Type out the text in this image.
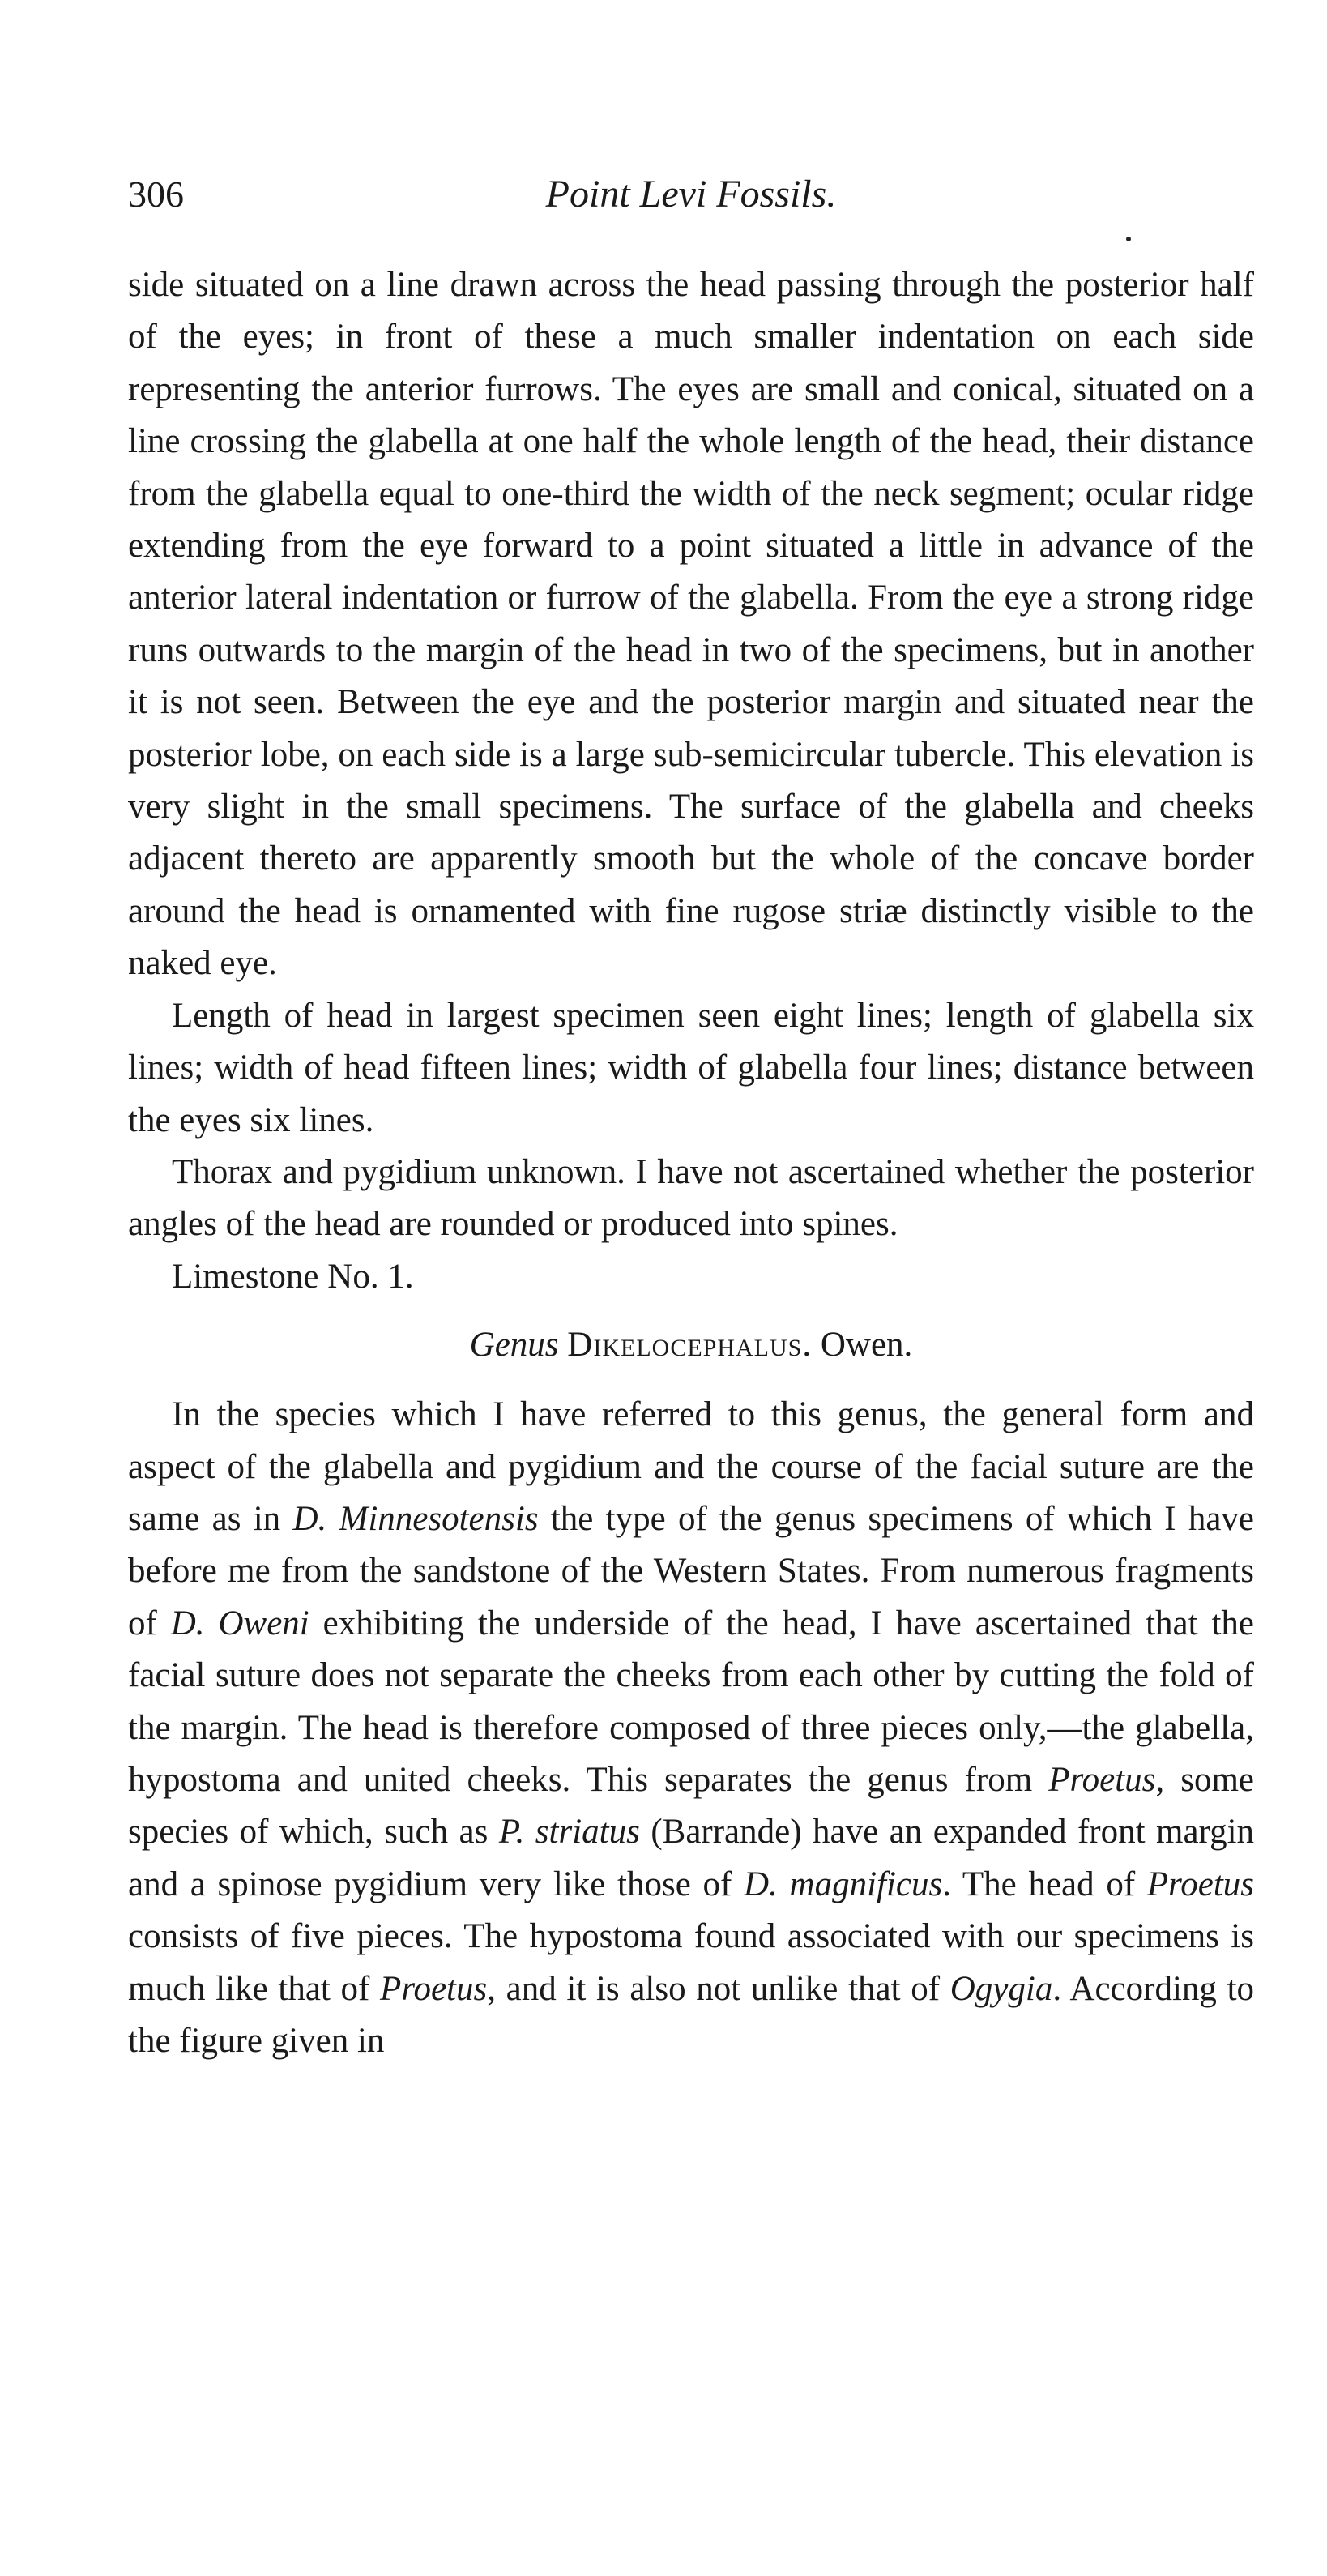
306	Point Levi Fossils.

side situated on a line drawn across the head passing through the posterior half of the eyes; in front of these a much smaller indentation on each side representing the anterior furrows. The eyes are small and conical, situated on a line crossing the glabella at one half the whole length of the head, their distance from the glabella equal to one-third the width of the neck segment; ocular ridge extending from the eye forward to a point situated a little in advance of the anterior lateral indentation or furrow of the glabella. From the eye a strong ridge runs outwards to the margin of the head in two of the specimens, but in another it is not seen. Between the eye and the posterior margin and situated near the posterior lobe, on each side is a large sub-semicircular tubercle. This elevation is very slight in the small specimens. The surface of the glabella and cheeks adjacent thereto are apparently smooth but the whole of the concave border around the head is ornamented with fine rugose striæ distinctly visible to the naked eye.

Length of head in largest specimen seen eight lines; length of glabella six lines; width of head fifteen lines; width of glabella four lines; distance between the eyes six lines.

Thorax and pygidium unknown. I have not ascertained whether the posterior angles of the head are rounded or produced into spines.

Limestone No. 1.

Genus Dikelocephalus. Owen.

In the species which I have referred to this genus, the general form and aspect of the glabella and pygidium and the course of the facial suture are the same as in D. Minnesotensis the type of the genus specimens of which I have before me from the sandstone of the Western States. From numerous fragments of D. Oweni exhibiting the underside of the head, I have ascertained that the facial suture does not separate the cheeks from each other by cutting the fold of the margin. The head is therefore composed of three pieces only,—the glabella, hypostoma and united cheeks. This separates the genus from Proetus, some species of which, such as P. striatus (Barrande) have an expanded front margin and a spinose pygidium very like those of D. magnificus. The head of Proetus consists of five pieces. The hypostoma found associated with our specimens is much like that of Proetus, and it is also not unlike that of Ogygia. According to the figure given in
